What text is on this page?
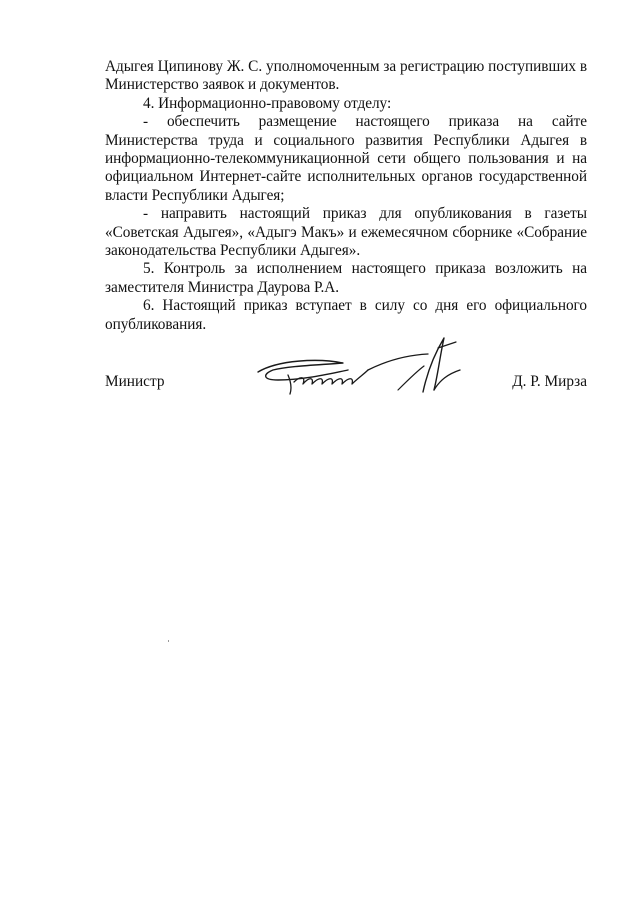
Адыгея Ципинову Ж. С. уполномоченным за регистрацию поступивших в Министерство заявок и документов.

4. Информационно-правовому отделу:

- обеспечить размещение настоящего приказа на сайте Министерства труда и социального развития Республики Адыгея в информационно-телекоммуникационной сети общего пользования и на официальном Интернет-сайте исполнительных органов государственной власти Республики Адыгея;

- направить настоящий приказ для опубликования в газеты «Советская Адыгея», «Адыгэ Макъ» и ежемесячном сборнике «Собрание законодательства Республики Адыгея».

5. Контроль за исполнением настоящего приказа возложить на заместителя Министра Даурова Р.А.

6. Настоящий приказ вступает в силу со дня его официального опубликования.

Министр	Д. Р. Мирза
